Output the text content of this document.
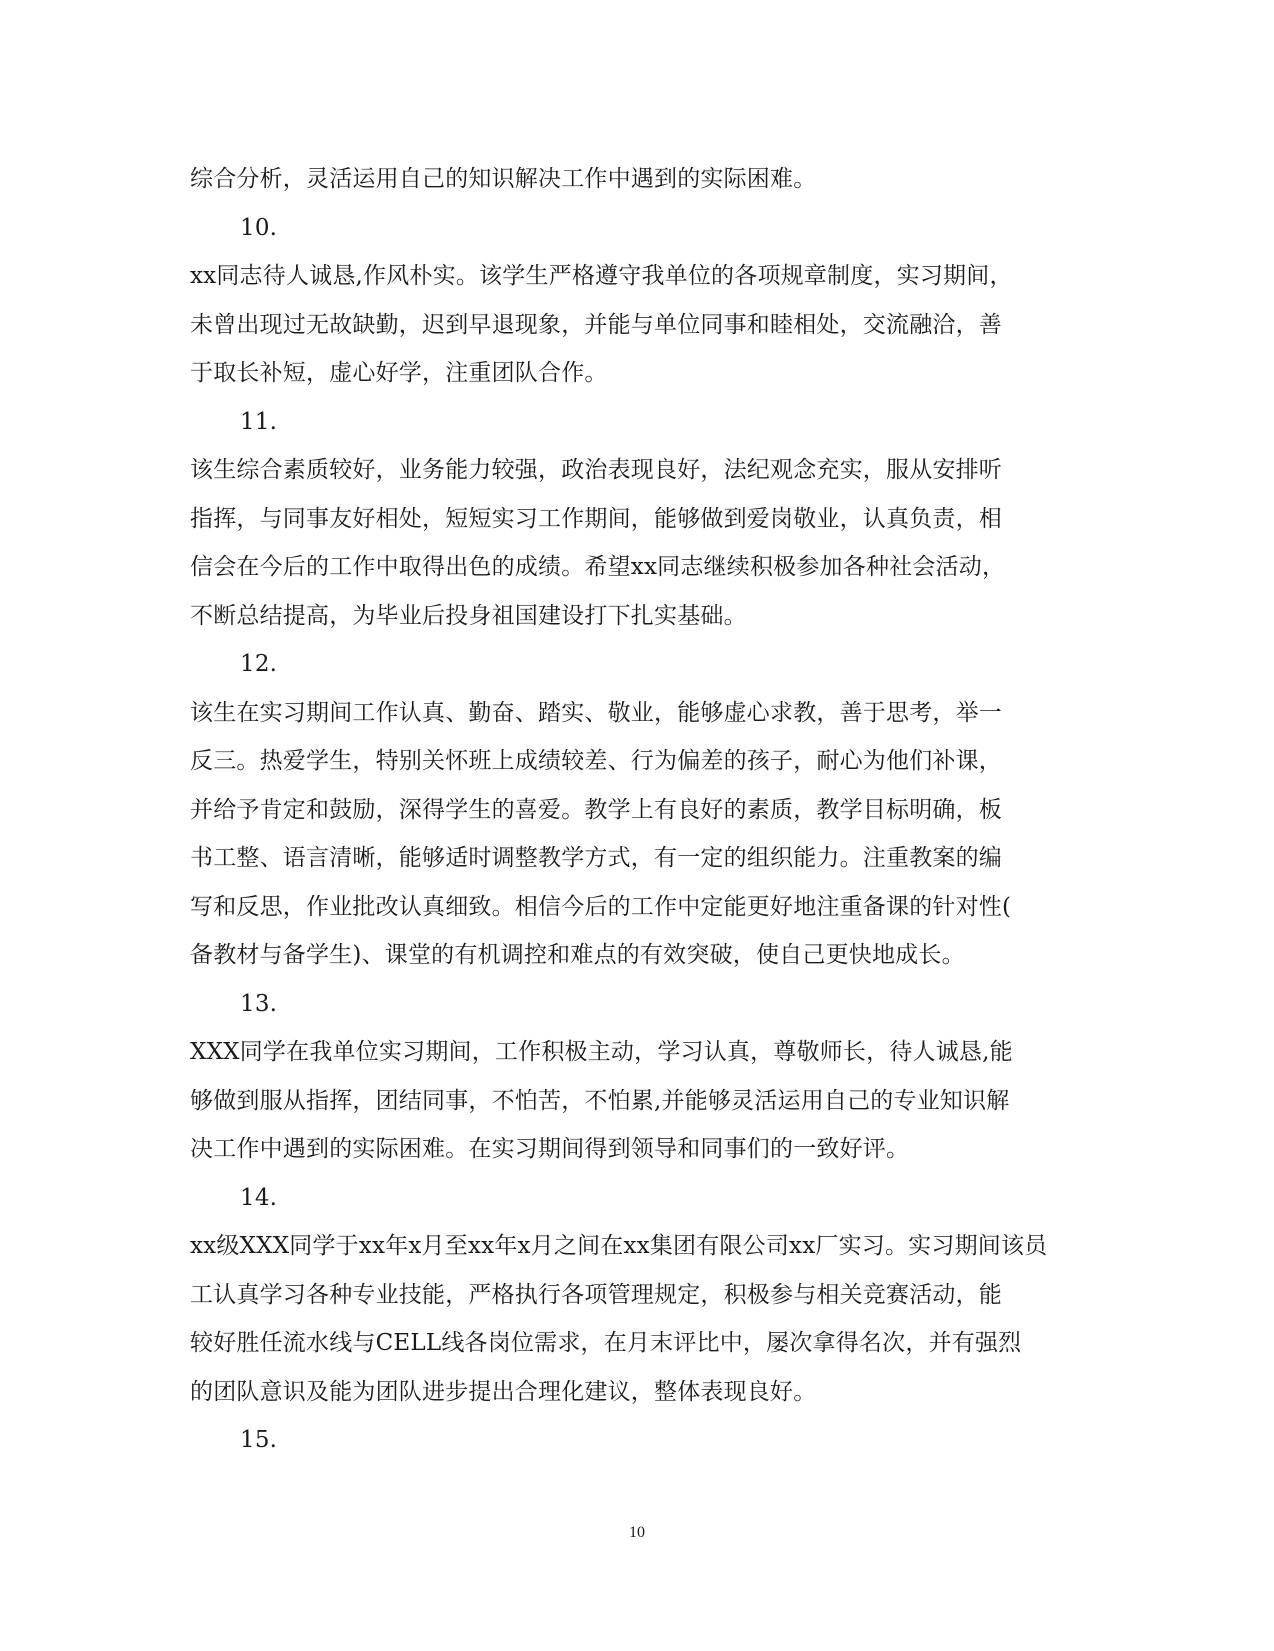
综合分析，灵活运用自己的知识解决工作中遇到的实际困难。
10.
xx同志待人诚恳,作风朴实。该学生严格遵守我单位的各项规章制度，实习期间，
未曾出现过无故缺勤，迟到早退现象，并能与单位同事和睦相处，交流融洽，善
于取长补短，虚心好学，注重团队合作。
11.
该生综合素质较好，业务能力较强，政治表现良好，法纪观念充实，服从安排听
指挥，与同事友好相处，短短实习工作期间，能够做到爱岗敬业，认真负责，相
信会在今后的工作中取得出色的成绩。希望xx同志继续积极参加各种社会活动，
不断总结提高，为毕业后投身祖国建设打下扎实基础。
12.
该生在实习期间工作认真、勤奋、踏实、敬业，能够虚心求教，善于思考，举一
反三。热爱学生，特别关怀班上成绩较差、行为偏差的孩子，耐心为他们补课，
并给予肯定和鼓励，深得学生的喜爱。教学上有良好的素质，教学目标明确，板
书工整、语言清晰，能够适时调整教学方式，有一定的组织能力。注重教案的编
写和反思，作业批改认真细致。相信今后的工作中定能更好地注重备课的针对性(
备教材与备学生)、课堂的有机调控和难点的有效突破，使自己更快地成长。
13.
XXX同学在我单位实习期间，工作积极主动，学习认真，尊敬师长，待人诚恳,能
够做到服从指挥，团结同事，不怕苦，不怕累,并能够灵活运用自己的专业知识解
决工作中遇到的实际困难。在实习期间得到领导和同事们的一致好评。
14.
xx级XXX同学于xx年x月至xx年x月之间在xx集团有限公司xx厂实习。实习期间该员
工认真学习各种专业技能，严格执行各项管理规定，积极参与相关竞赛活动，能
较好胜任流水线与CELL线各岗位需求，在月末评比中，屡次拿得名次，并有强烈
的团队意识及能为团队进步提出合理化建议，整体表现良好。
15.
10
